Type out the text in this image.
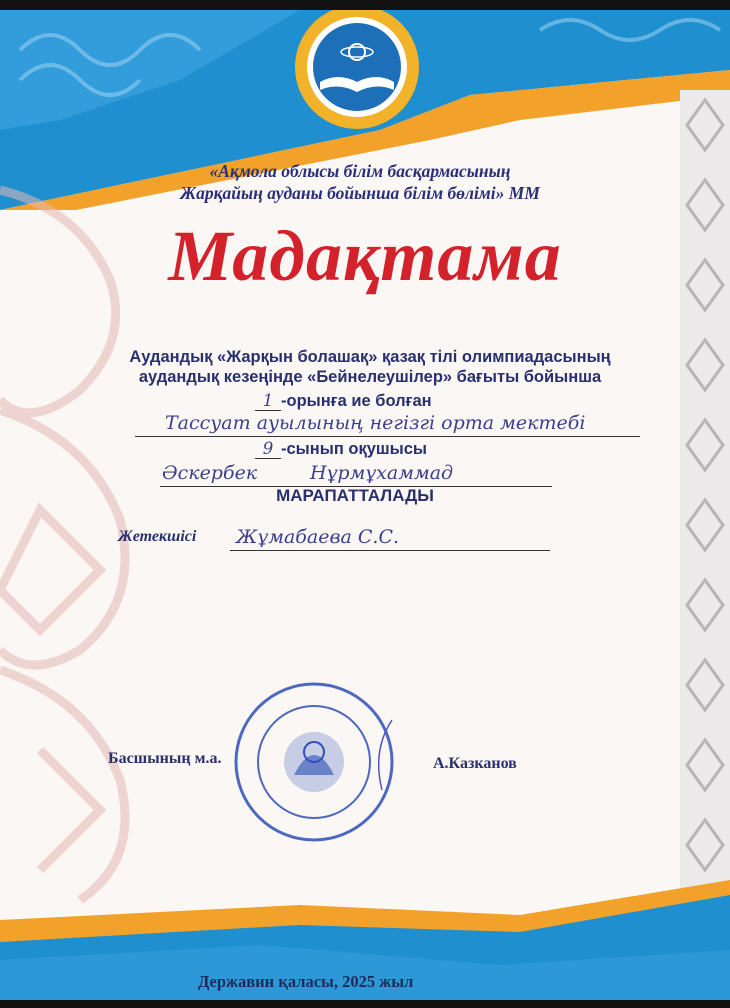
«Ақмола облысы білім басқармасының
Жарқайың ауданы бойынша білім бөлімі» ММ
Мадақтама
Аудандық «Жарқын болашақ» қазақ тілі олимпиадасының
аудандық кезеңінде «Бейнелеушілер» бағыты бойынша
1 -орынға ие болған
Тассуат ауылының негізгі орта мектебі
9 -сынып оқушысы
Әскербек	Нұрмұхаммад
МАРАПАТТАЛАДЫ
Жетекшісі Жұмабаева С.С.
Басшының м.а.	А.Казканов
Державин қаласы, 2025 жыл
